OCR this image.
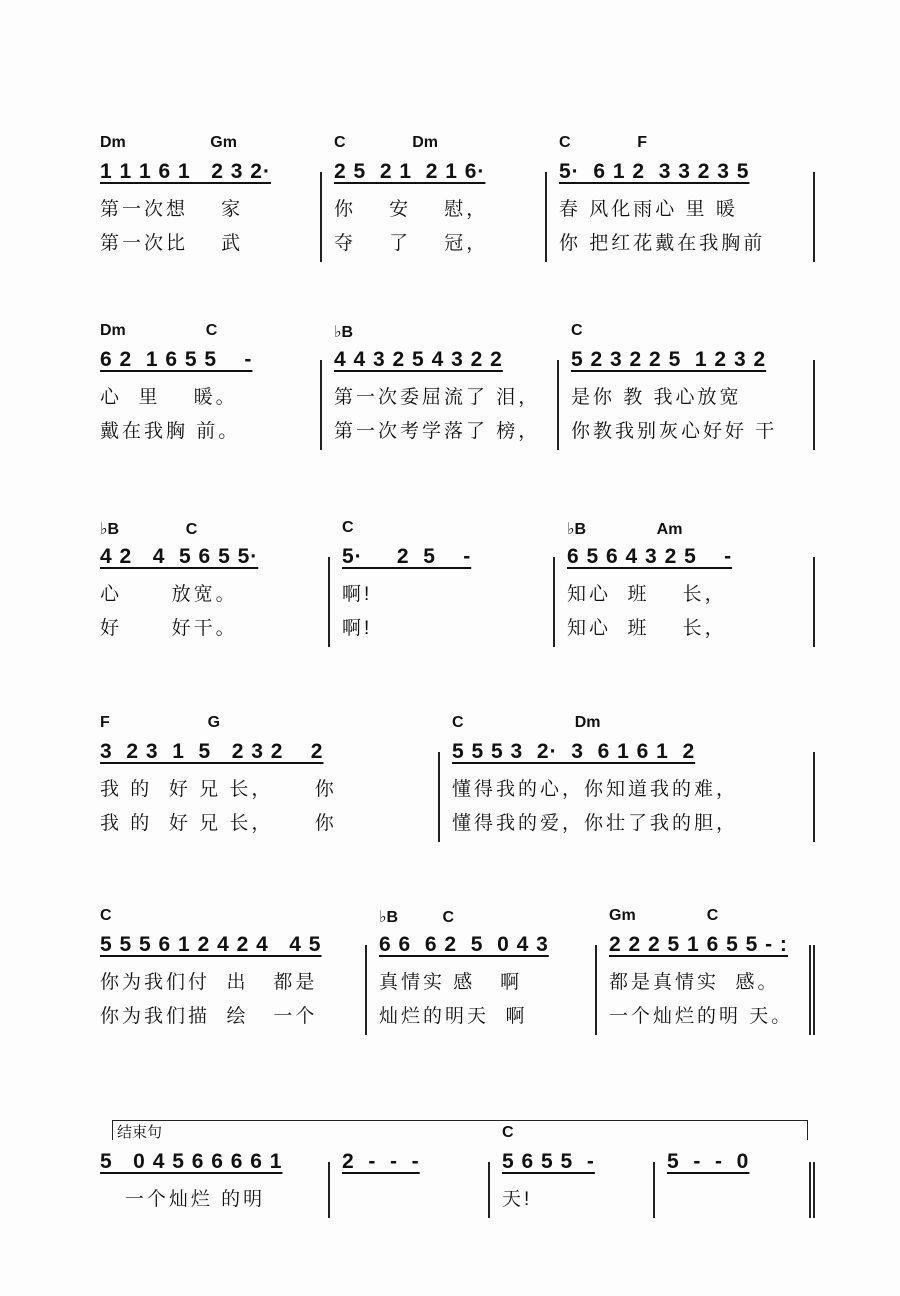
Dm                   Gm
1 1 1 6 1   2 3 2·
第一次想    家
第一次比    武
C               Dm
2 5  2 1  2 1 6·
你    安    慰，
夺    了    冠，
C               F
5·  6 1 2  3 3 2 3 5
春 风化雨心 里 暖
你 把红花戴在我胸前
Dm                  C
6 2  1 6 5 5    -
心  里    暖。
戴在我胸 前。
♭B
4 4 3 2 5 4 3 2 2
第一次委屈流了 泪，
第一次考学落了 榜，
C
5 2 3 2 2 5  1 2 3 2
是你 教 我心放宽
你教我别灰心好好 干
♭B               C
4 2   4  5 6 5 5·
心      放宽。
好      好干。
C
5·     2  5    -
啊!
啊!
♭B                Am
6 5 6 4 3 2 5    -
知心  班    长，
知心  班    长，
F                      G
3  2 3  1  5   2 3 2    2
我 的  好 兄 长，     你
我 的  好 兄 长，     你
C                         Dm
5 5 5 3  2·  3  6 1 6 1  2
懂得我的心，你知道我的难，
懂得我的爱，你壮了我的胆，
C
5 5 5 6 1 2 4 2 4   4 5
你为我们付  出   都是
你为我们描  绘   一个
♭B          C
6 6  6 2  5  0 4 3
真情实 感   啊
灿烂的明天  啊
Gm                C
2 2 2 5 1 6 5 5 - :
都是真情实  感。
一个灿烂的明 天。
结束句
5   0 4 5 6 6 6 6 1
一个灿烂 的明
2  -  -  -
C
5 6 5 5  -
天!
5  -  -  0
